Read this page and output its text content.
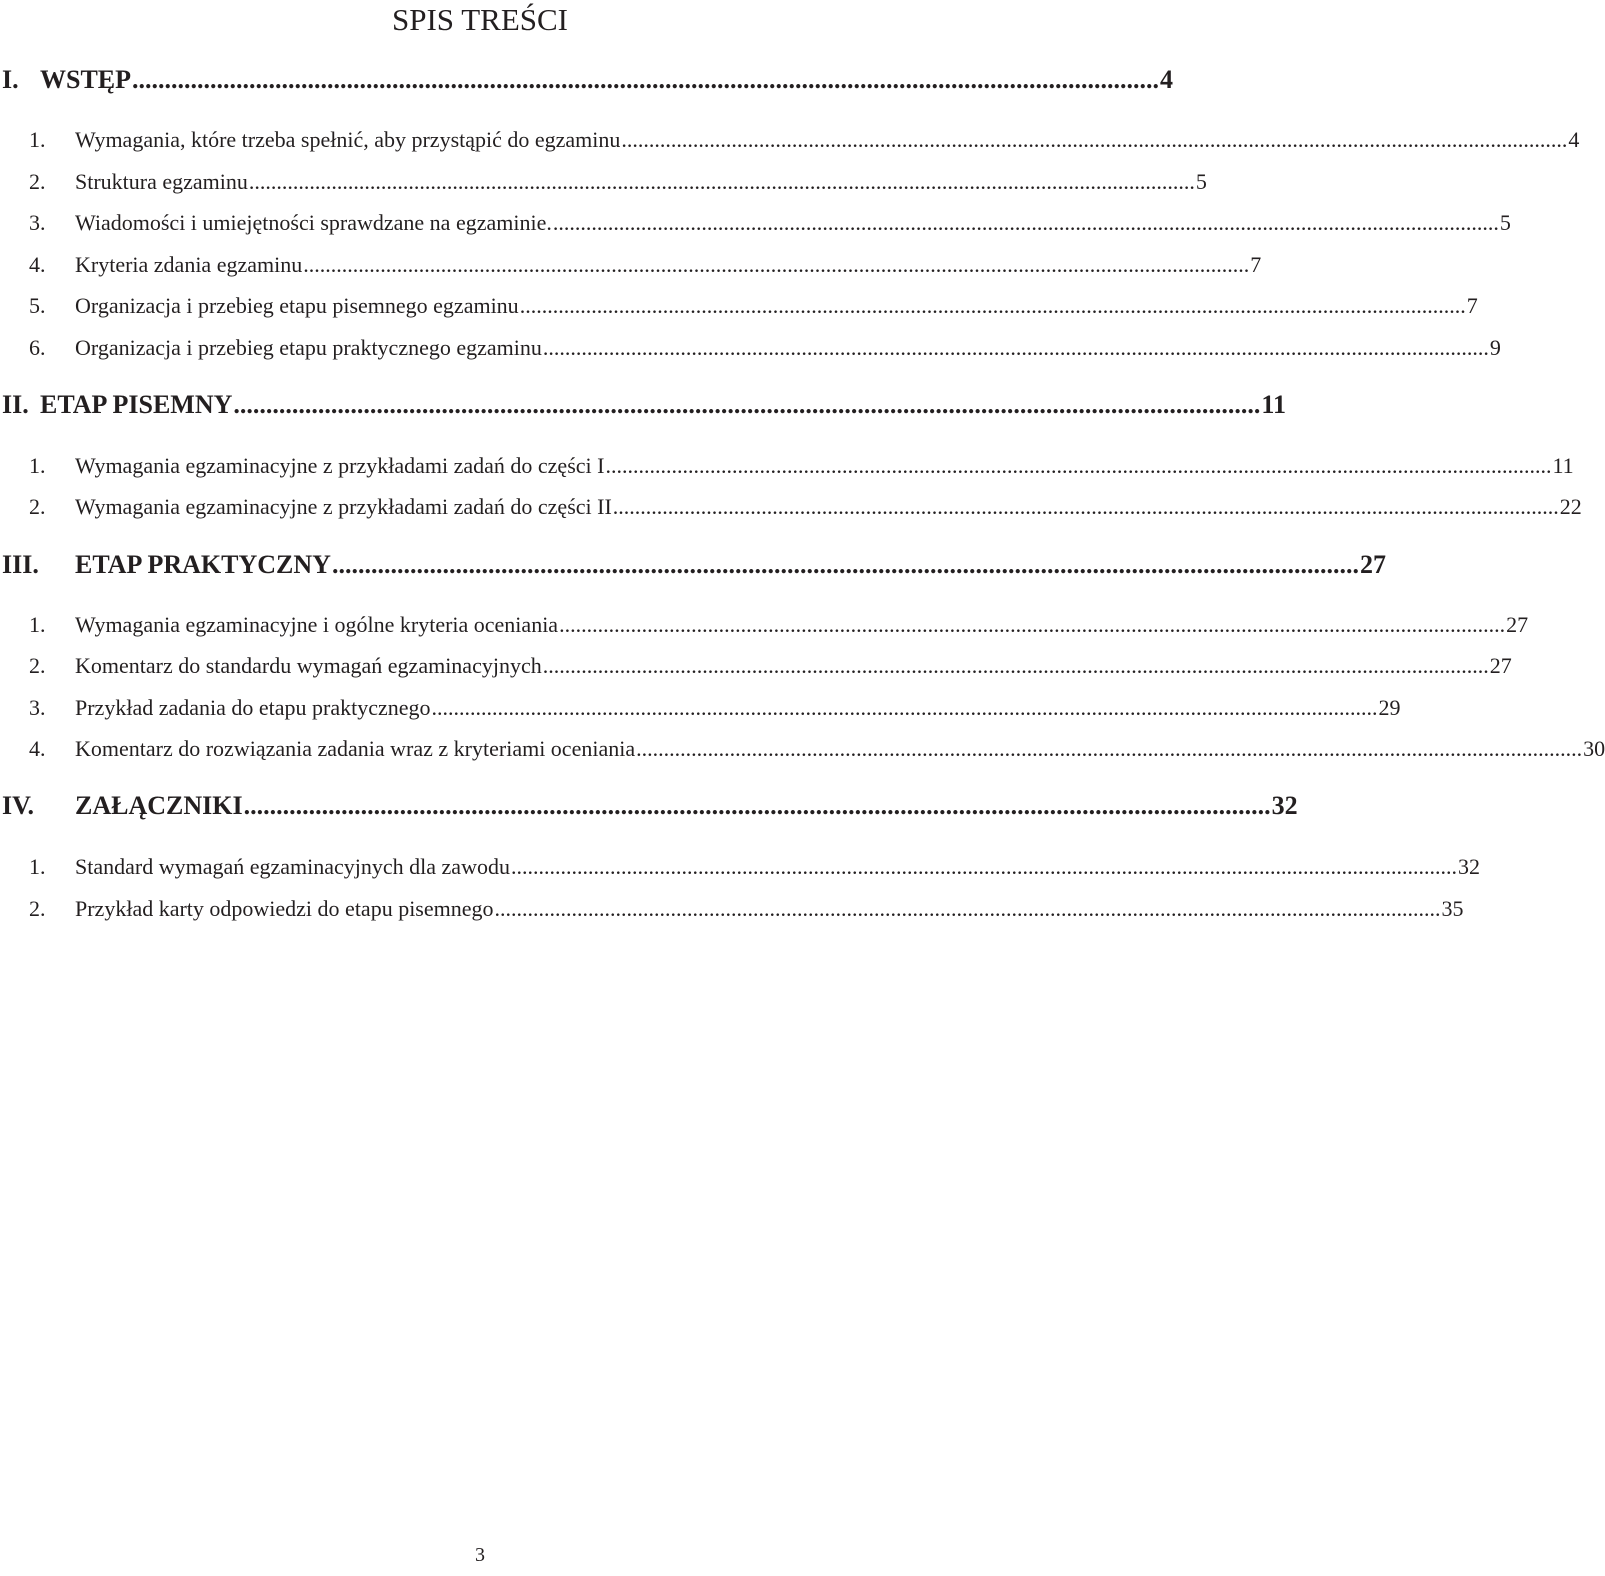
SPIS TREŚCI
I. WSTĘP .............................................................................................................................................................. 4
1.	Wymagania, które trzeba spełnić, aby przystąpić do egzaminu ............................................................................................................................................................................ 4
2.	Struktura egzaminu ............................................................................................................................................................................ 5
3.	Wiadomości i umiejętności sprawdzane na egzaminie. ............................................................................................................................................................................ 5
4.	Kryteria zdania egzaminu ............................................................................................................................................................................ 7
5.	Organizacja i przebieg etapu pisemnego egzaminu ............................................................................................................................................................................ 7
6.	Organizacja i przebieg etapu praktycznego egzaminu ............................................................................................................................................................................ 9
II. ETAP PISEMNY .............................................................................................................................................................. 11
1.	Wymagania egzaminacyjne z przykładami zadań do części I ............................................................................................................................................................................ 11
2.	Wymagania egzaminacyjne z przykładami zadań do części II ............................................................................................................................................................................ 22
III.	ETAP PRAKTYCZNY .............................................................................................................................................................. 27
1.	Wymagania egzaminacyjne i ogólne kryteria oceniania ............................................................................................................................................................................ 27
2.	Komentarz do standardu wymagań egzaminacyjnych ............................................................................................................................................................................ 27
3.	Przykład zadania do etapu praktycznego ............................................................................................................................................................................ 29
4.	Komentarz do rozwiązania zadania wraz z kryteriami oceniania ............................................................................................................................................................................ 30
IV.	ZAŁĄCZNIKI .............................................................................................................................................................. 32
1.	Standard wymagań egzaminacyjnych dla zawodu ............................................................................................................................................................................ 32
2.	Przykład karty odpowiedzi do etapu pisemnego ............................................................................................................................................................................ 35
3
